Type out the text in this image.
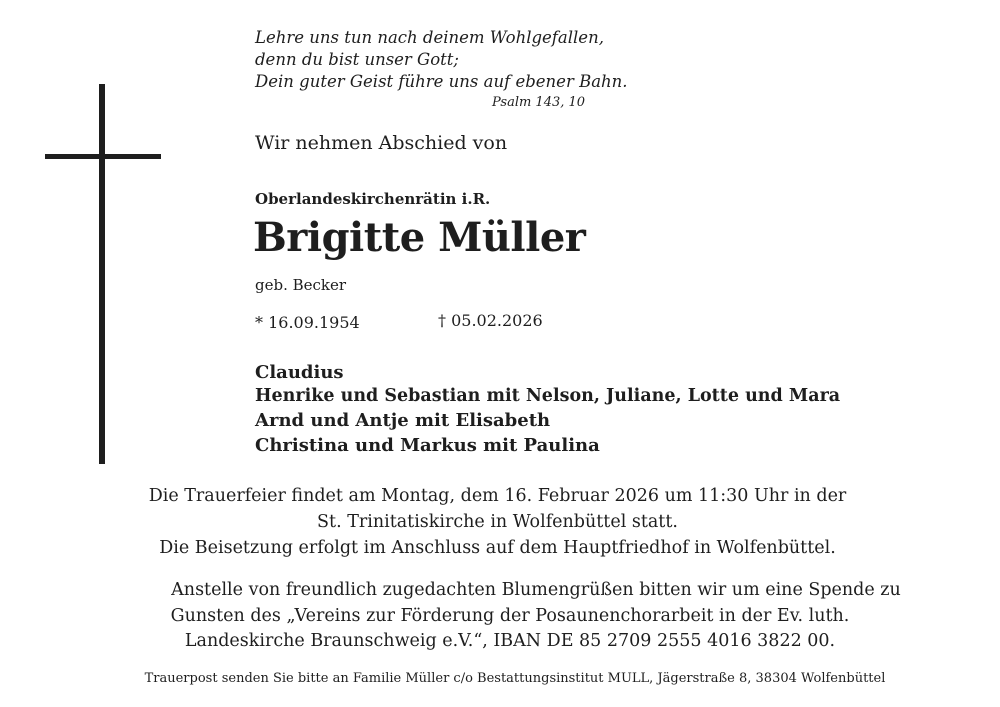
Lehre uns tun nach deinem Wohlgefallen,
denn du bist unser Gott;
Dein guter Geist führe uns auf ebener Bahn.
Psalm 143, 10
Wir nehmen Abschied von
Oberlandeskirchenrätin i.R.
Brigitte Müller
geb. Becker
* 16.09.1954	† 05.02.2026
Claudius
Henrike und Sebastian mit Nelson, Juliane, Lotte und Mara
Arnd und Antje mit Elisabeth
Christina und Markus mit Paulina
Die Trauerfeier findet am Montag, dem 16. Februar 2026 um 11:30 Uhr in der
St. Trinitatiskirche in Wolfenbüttel statt.
Die Beisetzung erfolgt im Anschluss auf dem Hauptfriedhof in Wolfenbüttel.
Anstelle von freundlich zugedachten Blumengrüßen bitten wir um eine Spende zu
Gunsten des „Vereins zur Förderung der Posaunenchorarbeit in der Ev. luth.
Landeskirche Braunschweig e.V.“, IBAN DE 85 2709 2555 4016 3822 00.
Trauerpost senden Sie bitte an Familie Müller c/o Bestattungsinstitut MULL, Jägerstraße 8, 38304 Wolfenbüttel
